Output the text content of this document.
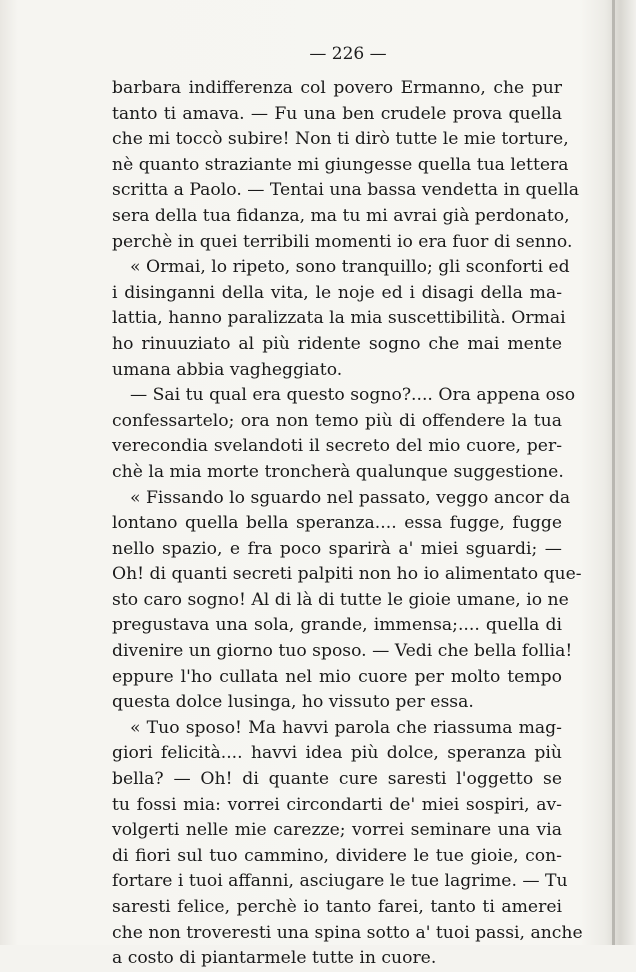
— 226 —
barbara indifferenza col povero Ermanno, che pur
tanto ti amava. — Fu una ben crudele prova quella
che mi toccò subire! Non ti dirò tutte le mie torture,
nè quanto straziante mi giungesse quella tua lettera
scritta a Paolo. — Tentai una bassa vendetta in quella
sera della tua fidanza, ma tu mi avrai già perdonato,
perchè in quei terribili momenti io era fuor di senno.
« Ormai, lo ripeto, sono tranquillo; gli sconforti ed
i disinganni della vita, le noje ed i disagi della ma-
lattia, hanno paralizzata la mia suscettibilità. Ormai
ho rinuuziato al più ridente sogno che mai mente
umana abbia vagheggiato.
— Sai tu qual era questo sogno?.... Ora appena oso
confessartelo; ora non temo più di offendere la tua
verecondia svelandoti il secreto del mio cuore, per-
chè la mia morte troncherà qualunque suggestione.
« Fissando lo sguardo nel passato, veggo ancor da
lontano quella bella speranza.... essa fugge, fugge
nello spazio, e fra poco sparirà a' miei sguardi; —
Oh! di quanti secreti palpiti non ho io alimentato que-
sto caro sogno! Al di là di tutte le gioie umane, io ne
pregustava una sola, grande, immensa;.... quella di
divenire un giorno tuo sposo. — Vedi che bella follia!
eppure l'ho cullata nel mio cuore per molto tempo
questa dolce lusinga, ho vissuto per essa.
« Tuo sposo! Ma havvi parola che riassuma mag-
giori felicità.... havvi idea più dolce, speranza più
bella? — Oh! di quante cure saresti l'oggetto se
tu fossi mia: vorrei circondarti de' miei sospiri, av-
volgerti nelle mie carezze; vorrei seminare una via
di fiori sul tuo cammino, dividere le tue gioie, con-
fortare i tuoi affanni, asciugare le tue lagrime. — Tu
saresti felice, perchè io tanto farei, tanto ti amerei
che non troveresti una spina sotto a' tuoi passi, anche
a costo di piantarmele tutte in cuore.
